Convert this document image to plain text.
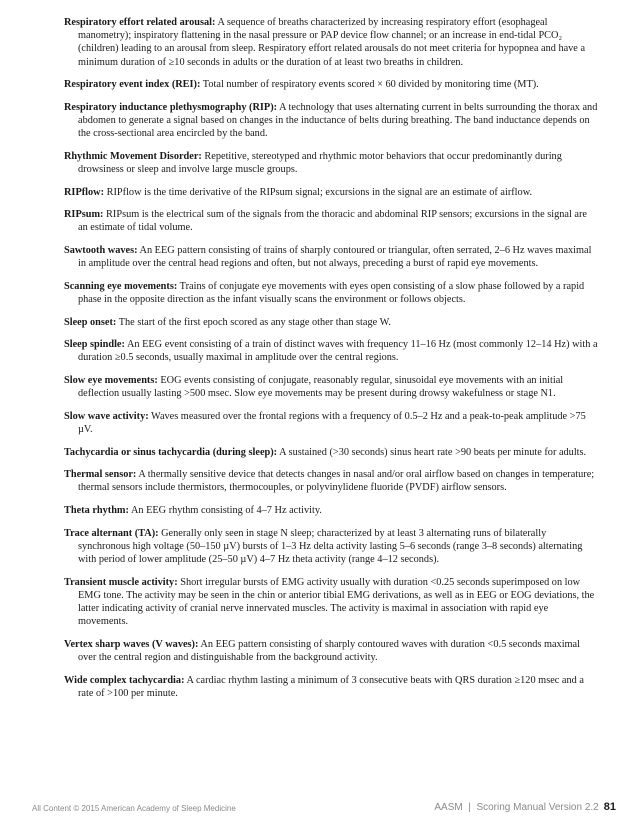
Respiratory effort related arousal: A sequence of breaths characterized by increasing respiratory effort (esophageal manometry); inspiratory flattening in the nasal pressure or PAP device flow channel; or an increase in end-tidal PCO₂ (children) leading to an arousal from sleep. Respiratory effort related arousals do not meet criteria for hypopnea and have a minimum duration of ≥10 seconds in adults or the duration of at least two breaths in children.

Respiratory event index (REI): Total number of respiratory events scored × 60 divided by monitoring time (MT).

Respiratory inductance plethysmography (RIP): A technology that uses alternating current in belts surrounding the thorax and abdomen to generate a signal based on changes in the inductance of belts during breathing. The band inductance depends on the cross-sectional area encircled by the band.

Rhythmic Movement Disorder: Repetitive, stereotyped and rhythmic motor behaviors that occur predominantly during drowsiness or sleep and involve large muscle groups.

RIPflow: RIPflow is the time derivative of the RIPsum signal; excursions in the signal are an estimate of airflow.

RIPsum: RIPsum is the electrical sum of the signals from the thoracic and abdominal RIP sensors; excursions in the signal are an estimate of tidal volume.

Sawtooth waves: An EEG pattern consisting of trains of sharply contoured or triangular, often serrated, 2–6 Hz waves maximal in amplitude over the central head regions and often, but not always, preceding a burst of rapid eye movements.

Scanning eye movements: Trains of conjugate eye movements with eyes open consisting of a slow phase followed by a rapid phase in the opposite direction as the infant visually scans the environment or follows objects.

Sleep onset: The start of the first epoch scored as any stage other than stage W.

Sleep spindle: An EEG event consisting of a train of distinct waves with frequency 11–16 Hz (most commonly 12–14 Hz) with a duration ≥0.5 seconds, usually maximal in amplitude over the central regions.

Slow eye movements: EOG events consisting of conjugate, reasonably regular, sinusoidal eye movements with an initial deflection usually lasting >500 msec. Slow eye movements may be present during drowsy wakefulness or stage N1.

Slow wave activity: Waves measured over the frontal regions with a frequency of 0.5–2 Hz and a peak-to-peak amplitude >75 µV.

Tachycardia or sinus tachycardia (during sleep): A sustained (>30 seconds) sinus heart rate >90 beats per minute for adults.

Thermal sensor: A thermally sensitive device that detects changes in nasal and/or oral airflow based on changes in temperature; thermal sensors include thermistors, thermocouples, or polyvinylidene fluoride (PVDF) airflow sensors.

Theta rhythm: An EEG rhythm consisting of 4–7 Hz activity.

Trace alternant (TA): Generally only seen in stage N sleep; characterized by at least 3 alternating runs of bilaterally synchronous high voltage (50–150 µV) bursts of 1–3 Hz delta activity lasting 5–6 seconds (range 3–8 seconds) alternating with period of lower amplitude (25–50 µV) 4–7 Hz theta activity (range 4–12 seconds).

Transient muscle activity: Short irregular bursts of EMG activity usually with duration <0.25 seconds superimposed on low EMG tone. The activity may be seen in the chin or anterior tibial EMG derivations, as well as in EEG or EOG deviations, the latter indicating activity of cranial nerve innervated muscles. The activity is maximal in association with rapid eye movements.

Vertex sharp waves (V waves): An EEG pattern consisting of sharply contoured waves with duration <0.5 seconds maximal over the central region and distinguishable from the background activity.

Wide complex tachycardia: A cardiac rhythm lasting a minimum of 3 consecutive beats with QRS duration ≥120 msec and a rate of >100 per minute.

All Content © 2015 American Academy of Sleep Medicine	AASM  |  Scoring Manual Version 2.2 81
